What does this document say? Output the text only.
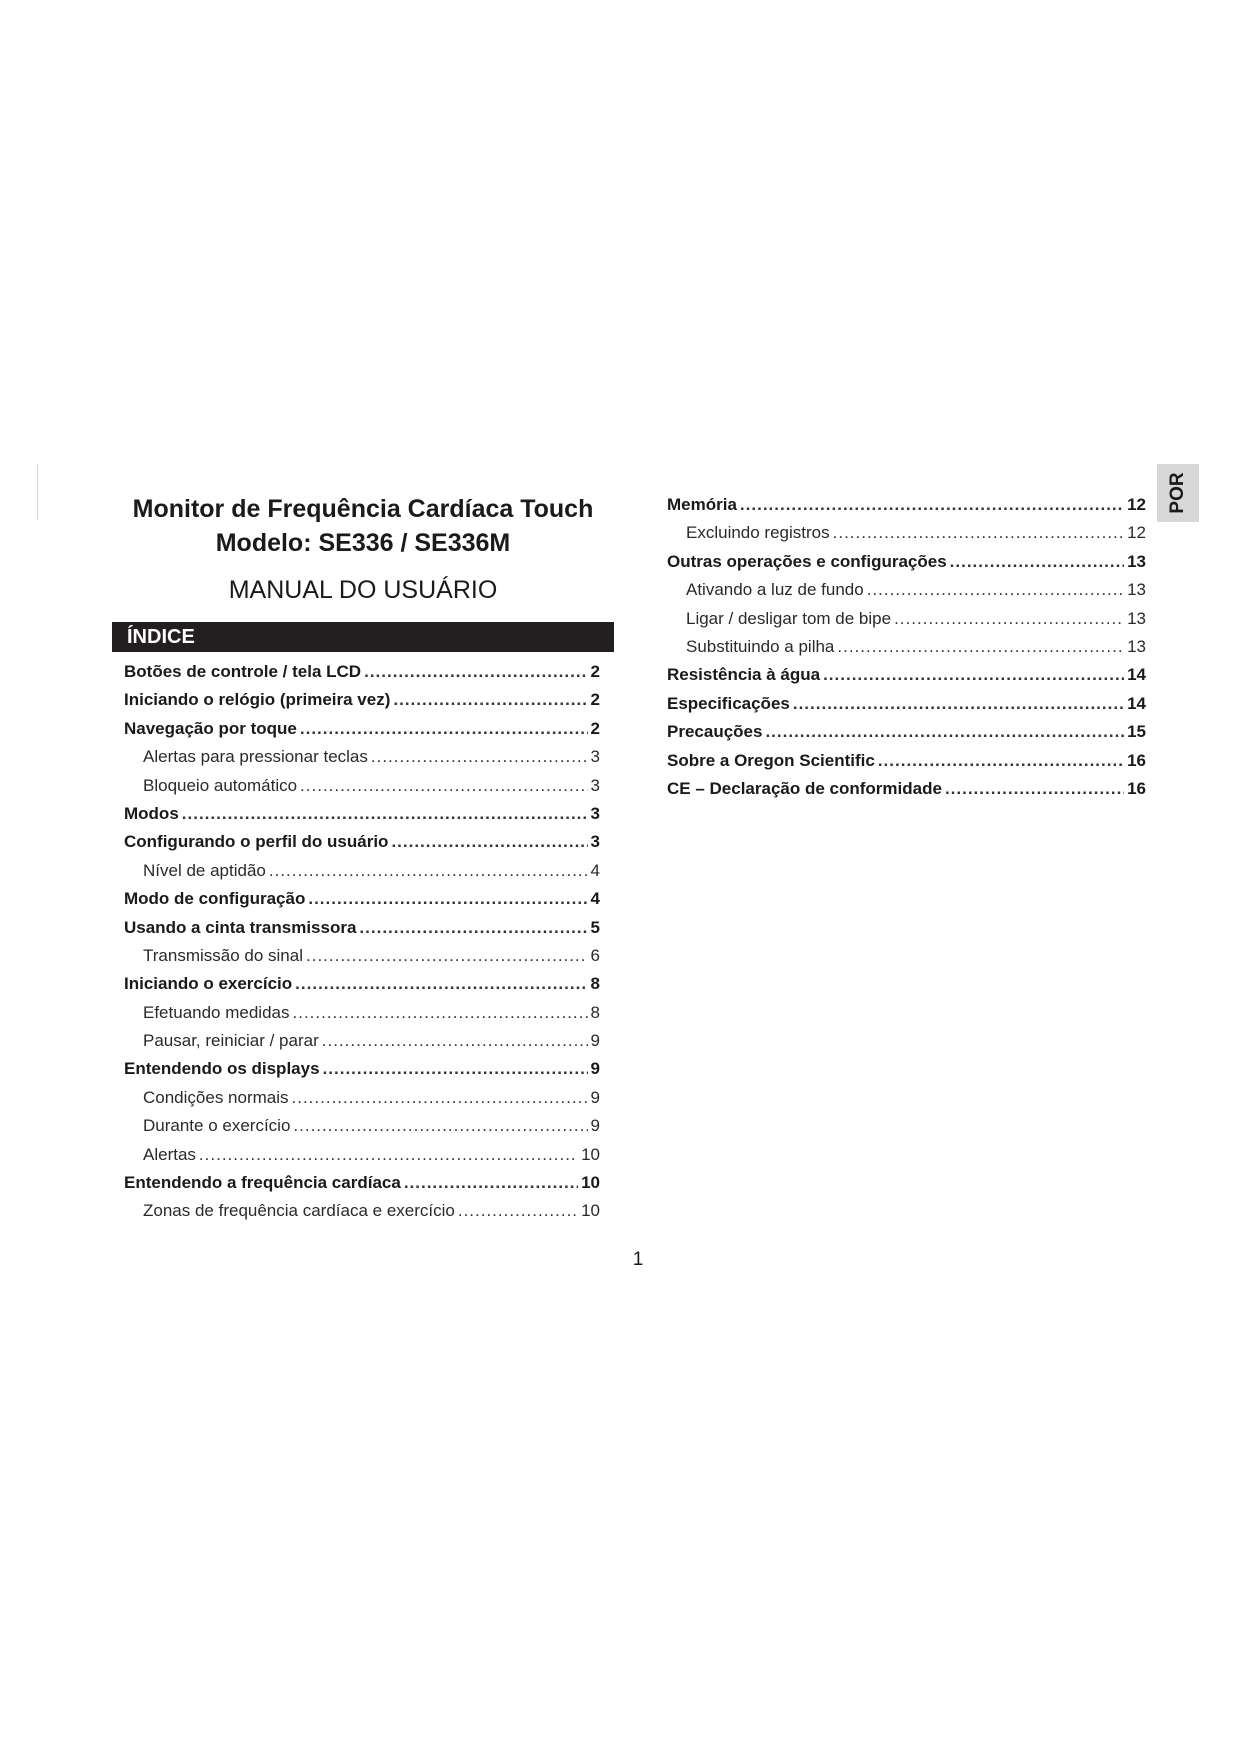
Monitor de Frequência Cardíaca Touch
Modelo: SE336 / SE336M
MANUAL DO USUÁRIO
ÍNDICE
Botões de controle / tela LCD .....	2
Iniciando o relógio (primeira vez) .....	2
Navegação por toque .....	2
Alertas para pressionar teclas .....	3
Bloqueio automático .....	3
Modos .....	3
Configurando o perfil do usuário .....	3
Nível de aptidão .....	4
Modo de configuração .....	4
Usando a cinta transmissora .....	5
Transmissão do sinal .....	6
Iniciando o exercício .....	8
Efetuando medidas .....	8
Pausar, reiniciar / parar .....	9
Entendendo os displays .....	9
Condições normais .....	9
Durante o exercício .....	9
Alertas .....	10
Entendendo a frequência cardíaca .....	10
Zonas de frequência cardíaca e exercício .....	10
Memória .....	12
Excluindo registros .....	12
Outras operações e configurações .....	13
Ativando a luz de fundo .....	13
Ligar / desligar tom de bipe .....	13
Substituindo a pilha .....	13
Resistência à água .....	14
Especificações .....	14
Precauções .....	15
Sobre a Oregon Scientific .....	16
CE – Declaração de conformidade .....	16
POR
1
